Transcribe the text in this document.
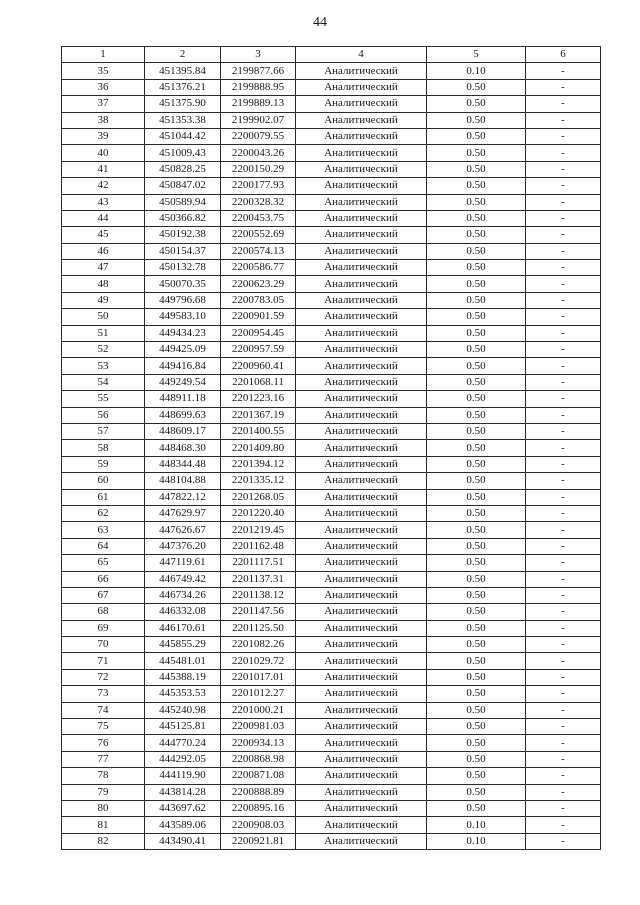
44
1	2	3	4	5	6
35	451395.84	2199877.66	Аналитический	0.10	-
36	451376.21	2199888.95	Аналитический	0.50	-
37	451375.90	2199889.13	Аналитический	0.50	-
38	451353.38	2199902.07	Аналитический	0.50	-
39	451044.42	2200079.55	Аналитический	0.50	-
40	451009.43	2200043.26	Аналитический	0.50	-
41	450828.25	2200150.29	Аналитический	0.50	-
42	450847.02	2200177.93	Аналитический	0.50	-
43	450589.94	2200328.32	Аналитический	0.50	-
44	450366.82	2200453.75	Аналитический	0.50	-
45	450192.38	2200552.69	Аналитический	0.50	-
46	450154.37	2200574.13	Аналитический	0.50	-
47	450132.78	2200586.77	Аналитический	0.50	-
48	450070.35	2200623.29	Аналитический	0.50	-
49	449796.68	2200783.05	Аналитический	0.50	-
50	449583.10	2200901.59	Аналитический	0.50	-
51	449434.23	2200954.45	Аналитический	0.50	-
52	449425.09	2200957.59	Аналитический	0.50	-
53	449416.84	2200960.41	Аналитический	0.50	-
54	449249.54	2201068.11	Аналитический	0.50	-
55	448911.18	2201223.16	Аналитический	0.50	-
56	448699.63	2201367.19	Аналитический	0.50	-
57	448609.17	2201400.55	Аналитический	0.50	-
58	448468.30	2201409.80	Аналитический	0.50	-
59	448344.48	2201394.12	Аналитический	0.50	-
60	448104.88	2201335.12	Аналитический	0.50	-
61	447822.12	2201268.05	Аналитический	0.50	-
62	447629.97	2201220.40	Аналитический	0.50	-
63	447626.67	2201219.45	Аналитический	0.50	-
64	447376.20	2201162.48	Аналитический	0.50	-
65	447119.61	2201117.51	Аналитический	0.50	-
66	446749.42	2201137.31	Аналитический	0.50	-
67	446734.26	2201138.12	Аналитический	0.50	-
68	446332.08	2201147.56	Аналитический	0.50	-
69	446170.61	2201125.50	Аналитический	0.50	-
70	445855.29	2201082.26	Аналитический	0.50	-
71	445481.01	2201029.72	Аналитический	0.50	-
72	445388.19	2201017.01	Аналитический	0.50	-
73	445353.53	2201012.27	Аналитический	0.50	-
74	445240.98	2201000.21	Аналитический	0.50	-
75	445125.81	2200981.03	Аналитический	0.50	-
76	444770.24	2200934.13	Аналитический	0.50	-
77	444292.05	2200868.98	Аналитический	0.50	-
78	444119.90	2200871.08	Аналитический	0.50	-
79	443814.28	2200888.89	Аналитический	0.50	-
80	443697.62	2200895.16	Аналитический	0.50	-
81	443589.06	2200908.03	Аналитический	0.10	-
82	443490.41	2200921.81	Аналитический	0.10	-
